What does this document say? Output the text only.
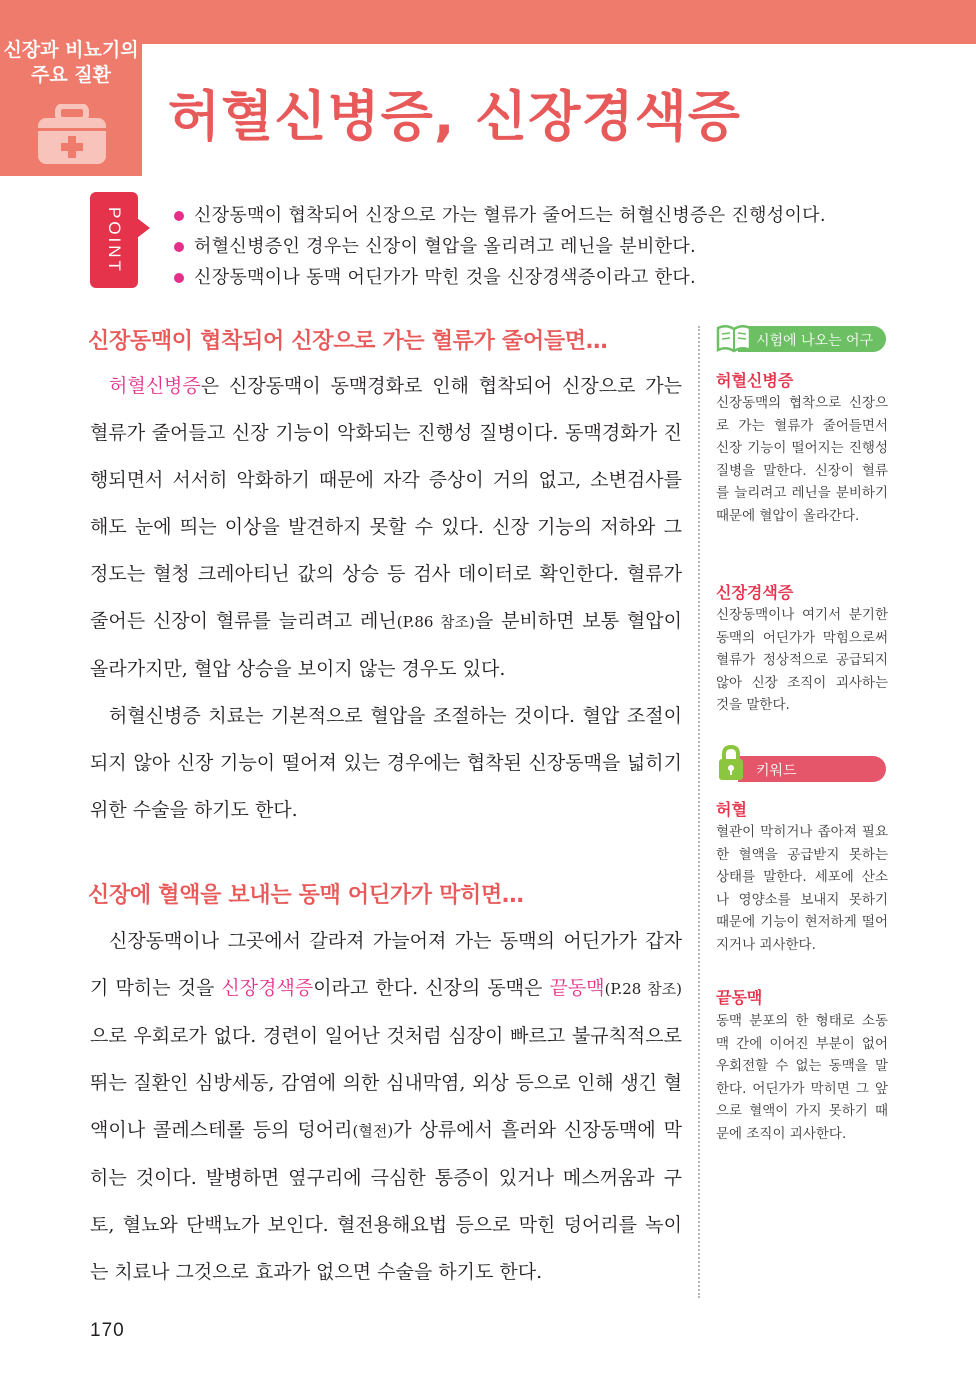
신장과 비뇨기의
주요 질환
허혈신병증, 신장경색증
POINT	신장동맥이 협착되어 신장으로 가는 혈류가 줄어드는 허혈신병증은 진행성이다.
허혈신병증인 경우는 신장이 혈압을 올리려고 레닌을 분비한다.
신장동맥이나 동맥 어딘가가 막힌 것을 신장경색증이라고 한다.
신장동맥이 협착되어 신장으로 가는 혈류가 줄어들면…

허혈신병증은 신장동맥이 동맥경화로 인해 협착되어 신장으로 가는 혈류가 줄어들고 신장 기능이 악화되는 진행성 질병이다. 동맥경화가 진행되면서 서서히 악화하기 때문에 자각 증상이 거의 없고, 소변검사를 해도 눈에 띄는 이상을 발견하지 못할 수 있다. 신장 기능의 저하와 그 정도는 혈청 크레아티닌 값의 상승 등 검사 데이터로 확인한다. 혈류가 줄어든 신장이 혈류를 늘리려고 레닌(P.86 참조)을 분비하면 보통 혈압이 올라가지만, 혈압 상승을 보이지 않는 경우도 있다.

허혈신병증 치료는 기본적으로 혈압을 조절하는 것이다. 혈압 조절이 되지 않아 신장 기능이 떨어져 있는 경우에는 협착된 신장동맥을 넓히기 위한 수술을 하기도 한다.

신장에 혈액을 보내는 동맥 어딘가가 막히면…

신장동맥이나 그곳에서 갈라져 가늘어져 가는 동맥의 어딘가가 갑자기 막히는 것을 신장경색증이라고 한다. 신장의 동맥은 끝동맥(P.28 참조)으로 우회로가 없다. 경련이 일어난 것처럼 심장이 빠르고 불규칙적으로 뛰는 질환인 심방세동, 감염에 의한 심내막염, 외상 등으로 인해 생긴 혈액이나 콜레스테롤 등의 덩어리(혈전)가 상류에서 흘러와 신장동맥에 막히는 것이다. 발병하면 옆구리에 극심한 통증이 있거나 메스꺼움과 구토, 혈뇨와 단백뇨가 보인다. 혈전용해요법 등으로 막힌 덩어리를 녹이는 치료나 그것으로 효과가 없으면 수술을 하기도 한다.

시험에 나오는 어구
허혈신병증
신장동맥의 협착으로 신장으로 가는 혈류가 줄어들면서 신장 기능이 떨어지는 진행성 질병을 말한다. 신장이 혈류를 늘리려고 레닌을 분비하기 때문에 혈압이 올라간다.
신장경색증
신장동맥이나 여기서 분기한 동맥의 어딘가가 막힘으로써 혈류가 정상적으로 공급되지 않아 신장 조직이 괴사하는 것을 말한다.
키워드
허혈
혈관이 막히거나 좁아져 필요한 혈액을 공급받지 못하는 상태를 말한다. 세포에 산소나 영양소를 보내지 못하기 때문에 기능이 현저하게 떨어지거나 괴사한다.
끝동맥
동맥 분포의 한 형태로 소동맥 간에 이어진 부분이 없어 우회전할 수 없는 동맥을 말한다. 어딘가가 막히면 그 앞으로 혈액이 가지 못하기 때문에 조직이 괴사한다.
170
